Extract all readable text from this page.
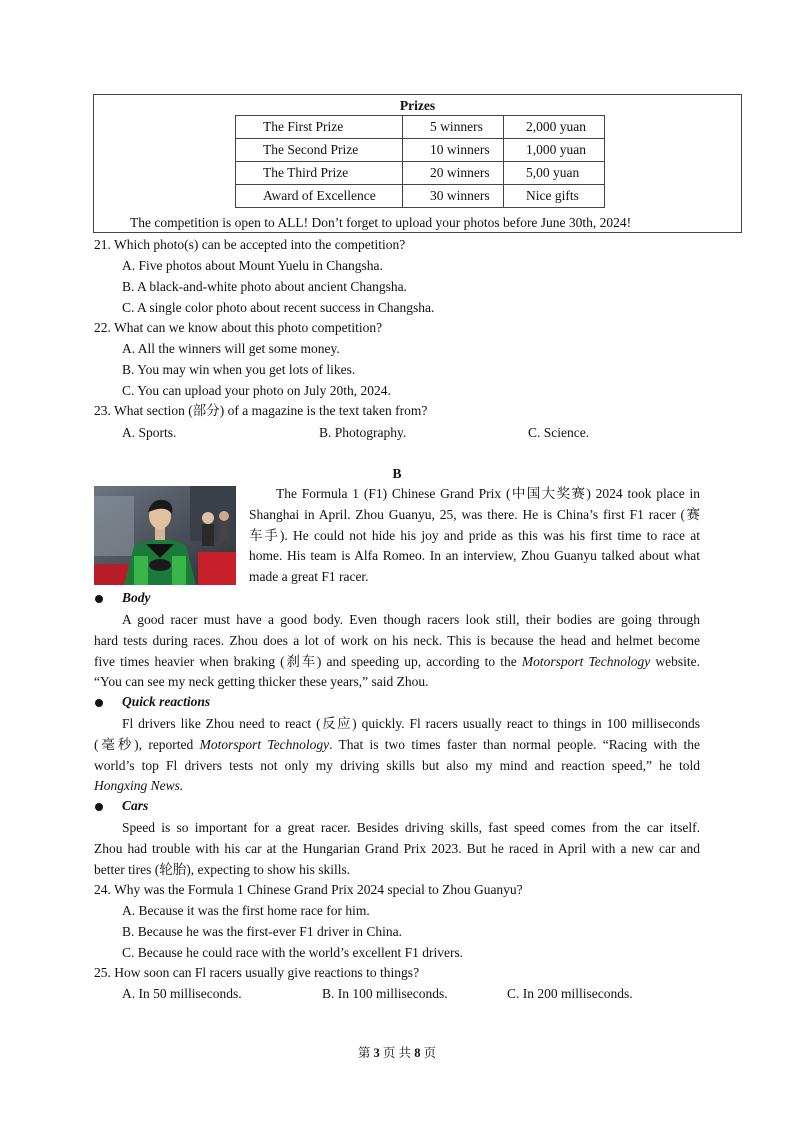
Prizes
The First Prize	5 winners	2,000 yuan
The Second Prize	10 winners	1,000 yuan
The Third Prize	20 winners	5,00 yuan
Award of Excellence	30 winners	Nice gifts
The competition is open to ALL! Don’t forget to upload your photos before June 30th, 2024!
21. Which photo(s) can be accepted into the competition?
A. Five photos about Mount Yuelu in Changsha.
B. A black-and-white photo about ancient Changsha.
C. A single color photo about recent success in Changsha.
22. What can we know about this photo competition?
A. All the winners will get some money.
B. You may win when you get lots of likes.
C. You can upload your photo on July 20th, 2024.
23. What section (部分) of a magazine is the text taken from?
A. Sports.	B. Photography.	C. Science.
B
The Formula 1 (F1) Chinese Grand Prix (中国大奖赛) 2024 took place in
Shanghai in April. Zhou Guanyu, 25, was there. He is China’s first F1 racer (赛
车手). He could not hide his joy and pride as this was his first time to race at
home. His team is Alfa Romeo. In an interview, Zhou Guanyu talked about what
made a great F1 racer.
Body
A good racer must have a good body. Even though racers look still, their bodies are going through
hard tests during races. Zhou does a lot of work on his neck. This is because the head and helmet become
five times heavier when braking (刹车) and speeding up, according to the Motorsport Technology website.
“You can see my neck getting thicker these years,” said Zhou.
Quick reactions
Fl drivers like Zhou need to react (反应) quickly. Fl racers usually react to things in 100 milliseconds
(毫秒), reported Motorsport Technology. That is two times faster than normal people. “Racing with the
world’s top Fl drivers tests not only my driving skills but also my mind and reaction speed,” he told
Hongxing News.
Cars
Speed is so important for a great racer. Besides driving skills, fast speed comes from the car itself.
Zhou had trouble with his car at the Hungarian Grand Prix 2023. But he raced in April with a new car and
better tires (轮胎), expecting to show his skills.
24. Why was the Formula 1 Chinese Grand Prix 2024 special to Zhou Guanyu?
A. Because it was the first home race for him.
B. Because he was the first-ever F1 driver in China.
C. Because he could race with the world’s excellent F1 drivers.
25. How soon can Fl racers usually give reactions to things?
A. In 50 milliseconds.	B. In 100 milliseconds.	C. In 200 milliseconds.
第 3 页 共 8 页
